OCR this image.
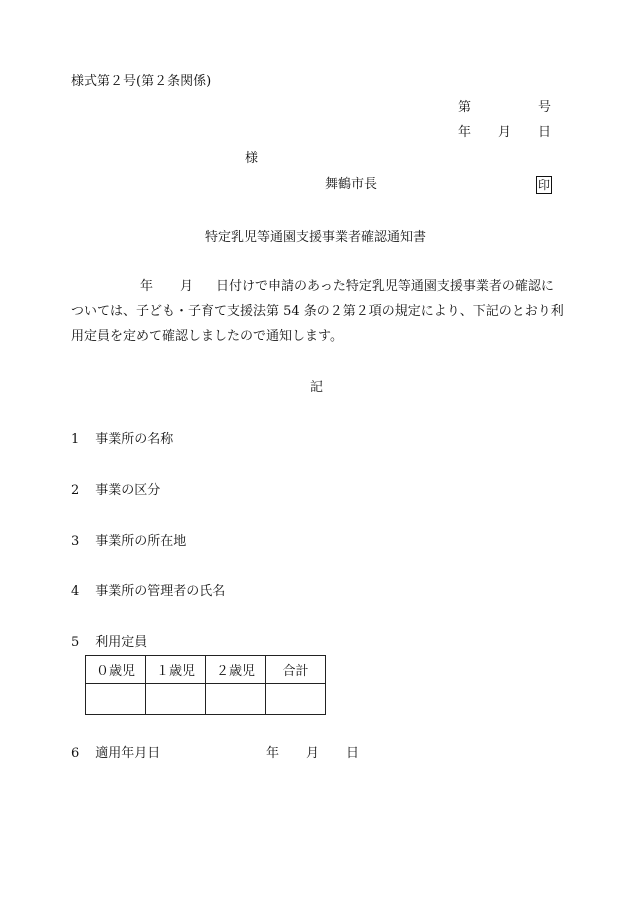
様式第２号(第２条関係)
第	号
年 月 日
様
舞鶴市長	印
特定乳児等通園支援事業者確認通知書
年 月 日付けで申請のあった特定乳児等通園支援事業者の確認に
ついては、子ども・子育て支援法第 54 条の２第２項の規定により、下記のとおり利
用定員を定めて確認しましたので通知します。
記
1 事業所の名称
2 事業の区分
3 事業所の所在地
4 事業所の管理者の氏名
5 利用定員
０歳児	１歳児	２歳児	合計

6 適用年月日	年 月 日
